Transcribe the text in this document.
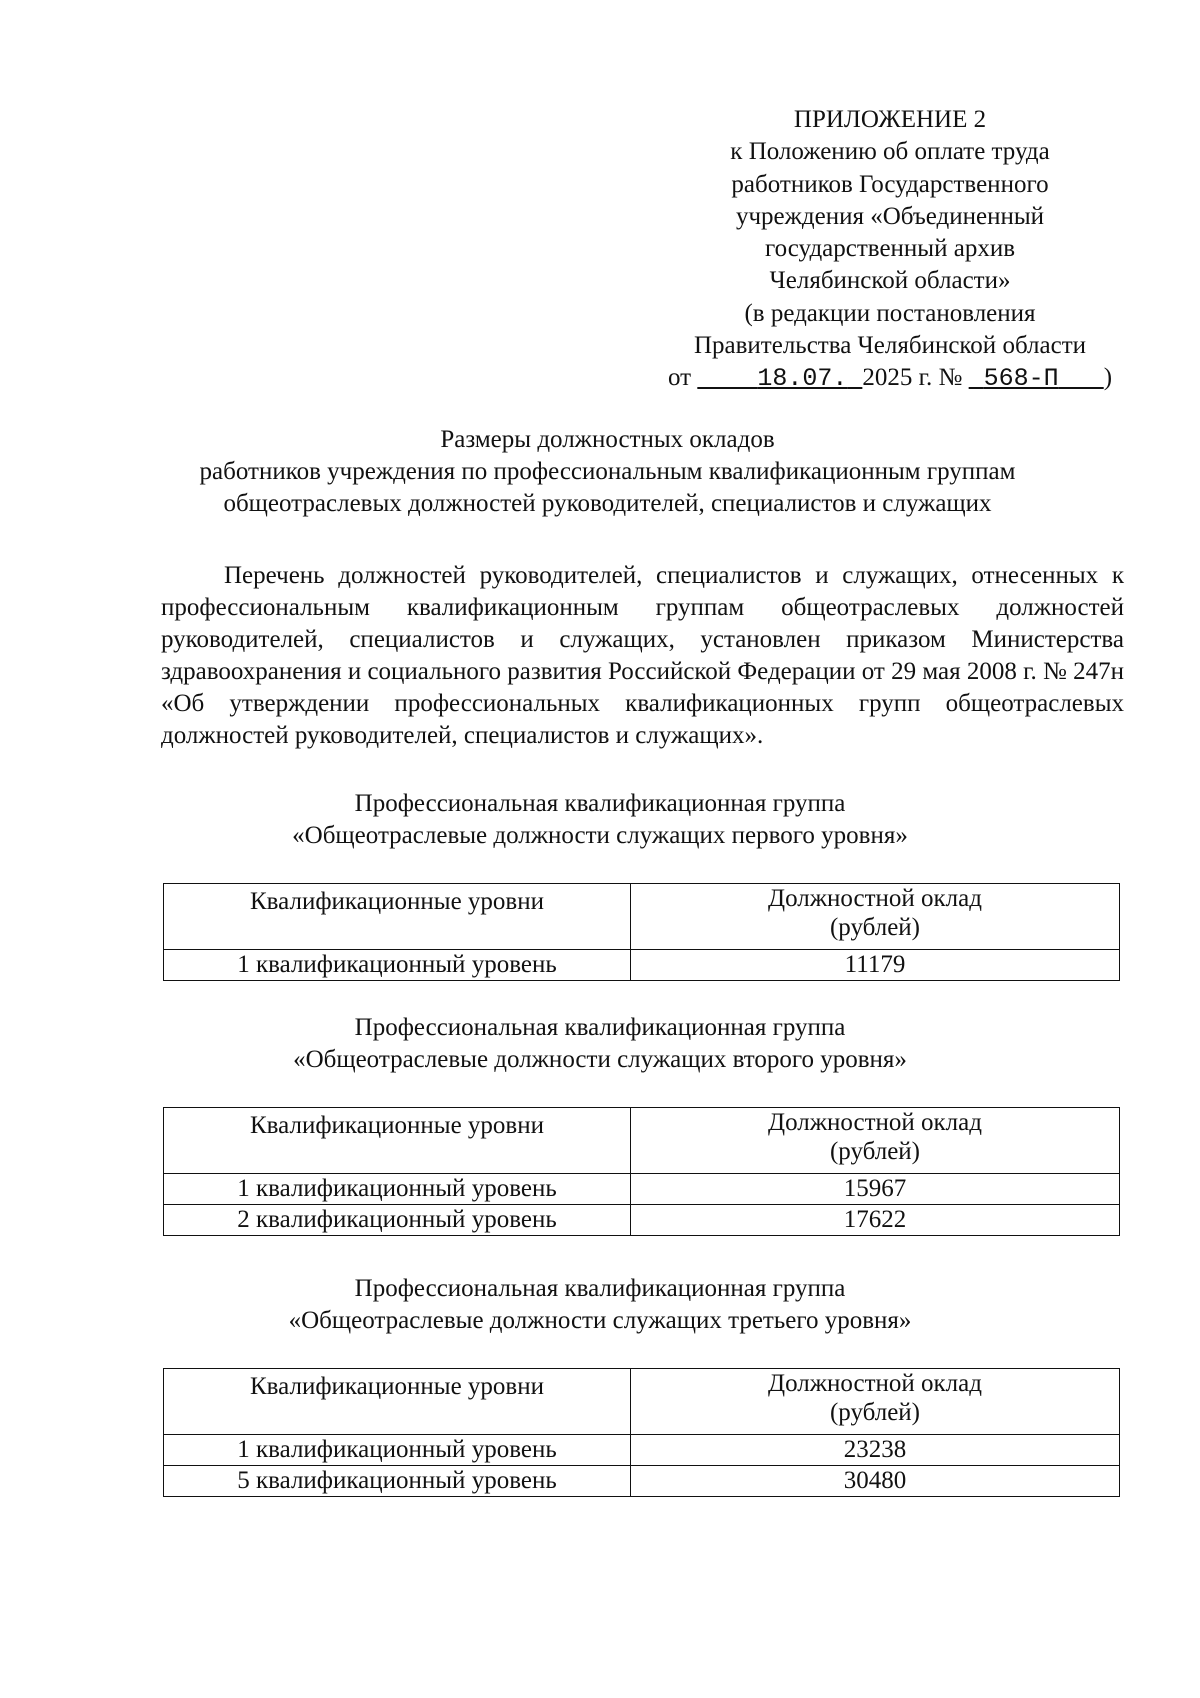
ПРИЛОЖЕНИЕ 2
к Положению об оплате труда
работников Государственного
учреждения «Объединенный
государственный архив
Челябинской области»
(в редакции постановления
Правительства Челябинской области
от	18.07. 2025 г. № 568-П )
Размеры должностных окладов
работников учреждения по профессиональным квалификационным группам
общеотраслевых должностей руководителей, специалистов и служащих

Перечень должностей руководителей, специалистов и служащих, отнесенных к профессиональным квалификационным группам общеотраслевых должностей руководителей, специалистов и служащих, установлен приказом Министерства здравоохранения и социального развития Российской Федерации от 29 мая 2008 г. № 247н «Об утверждении профессиональных квалификационных групп общеотраслевых должностей руководителей, специалистов и служащих».

Профессиональная квалификационная группа
«Общеотраслевые должности служащих первого уровня»
Квалификационные уровни	Должностной оклад
(рублей)
1 квалификационный уровень	11179
Профессиональная квалификационная группа
«Общеотраслевые должности служащих второго уровня»
Квалификационные уровни	Должностной оклад
(рублей)
1 квалификационный уровень	15967
2 квалификационный уровень	17622
Профессиональная квалификационная группа
«Общеотраслевые должности служащих третьего уровня»
Квалификационные уровни	Должностной оклад
(рублей)
1 квалификационный уровень	23238
5 квалификационный уровень	30480
